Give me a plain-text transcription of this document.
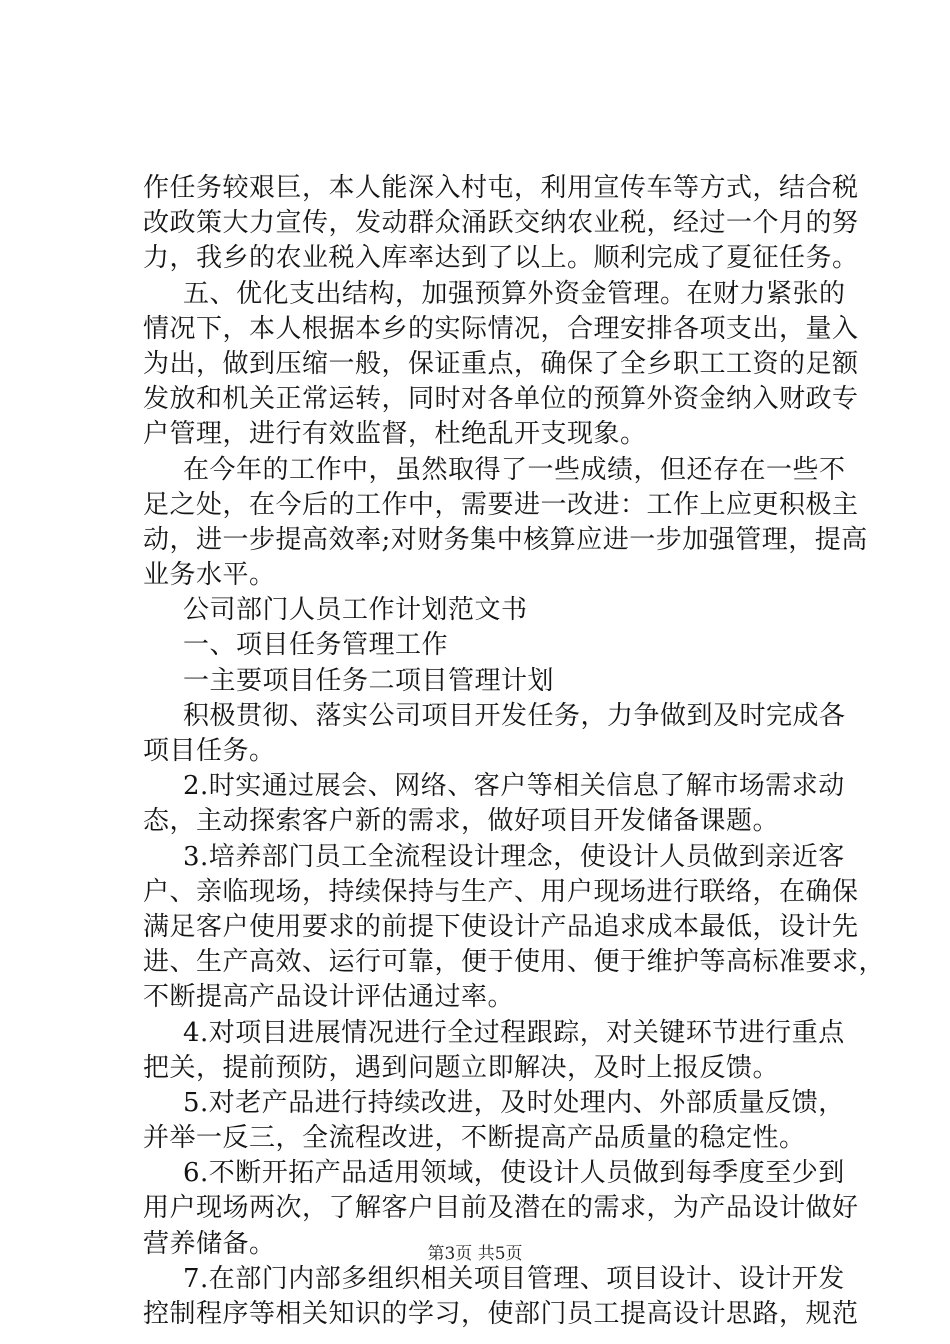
作任务较艰巨，本人能深入村屯，利用宣传车等方式，结合税
改政策大力宣传，发动群众涌跃交纳农业税，经过一个月的努
力，我乡的农业税入库率达到了以上。顺利完成了夏征任务。
五、优化支出结构，加强预算外资金管理。在财力紧张的
情况下，本人根据本乡的实际情况，合理安排各项支出，量入
为出，做到压缩一般，保证重点，确保了全乡职工工资的足额
发放和机关正常运转，同时对各单位的预算外资金纳入财政专
户管理，进行有效监督，杜绝乱开支现象。
在今年的工作中，虽然取得了一些成绩，但还存在一些不
足之处，在今后的工作中，需要进一改进：工作上应更积极主
动，进一步提高效率;对财务集中核算应进一步加强管理，提高
业务水平。
公司部门人员工作计划范文书
一、项目任务管理工作
一主要项目任务二项目管理计划
积极贯彻、落实公司项目开发任务，力争做到及时完成各
项目任务。
2.时实通过展会、网络、客户等相关信息了解市场需求动
态，主动探索客户新的需求，做好项目开发储备课题。
3.培养部门员工全流程设计理念，使设计人员做到亲近客
户、亲临现场，持续保持与生产、用户现场进行联络，在确保
满足客户使用要求的前提下使设计产品追求成本最低，设计先
进、生产高效、运行可靠，便于使用、便于维护等高标准要求，
不断提高产品设计评估通过率。
4.对项目进展情况进行全过程跟踪，对关键环节进行重点
把关，提前预防，遇到问题立即解决，及时上报反馈。
5.对老产品进行持续改进，及时处理内、外部质量反馈，
并举一反三，全流程改进，不断提高产品质量的稳定性。
6.不断开拓产品适用领域，使设计人员做到每季度至少到
用户现场两次，了解客户目前及潜在的需求，为产品设计做好
营养储备。
7.在部门内部多组织相关项目管理、项目设计、设计开发
控制程序等相关知识的学习，使部门员工提高设计思路，规范
第3页 共5页
